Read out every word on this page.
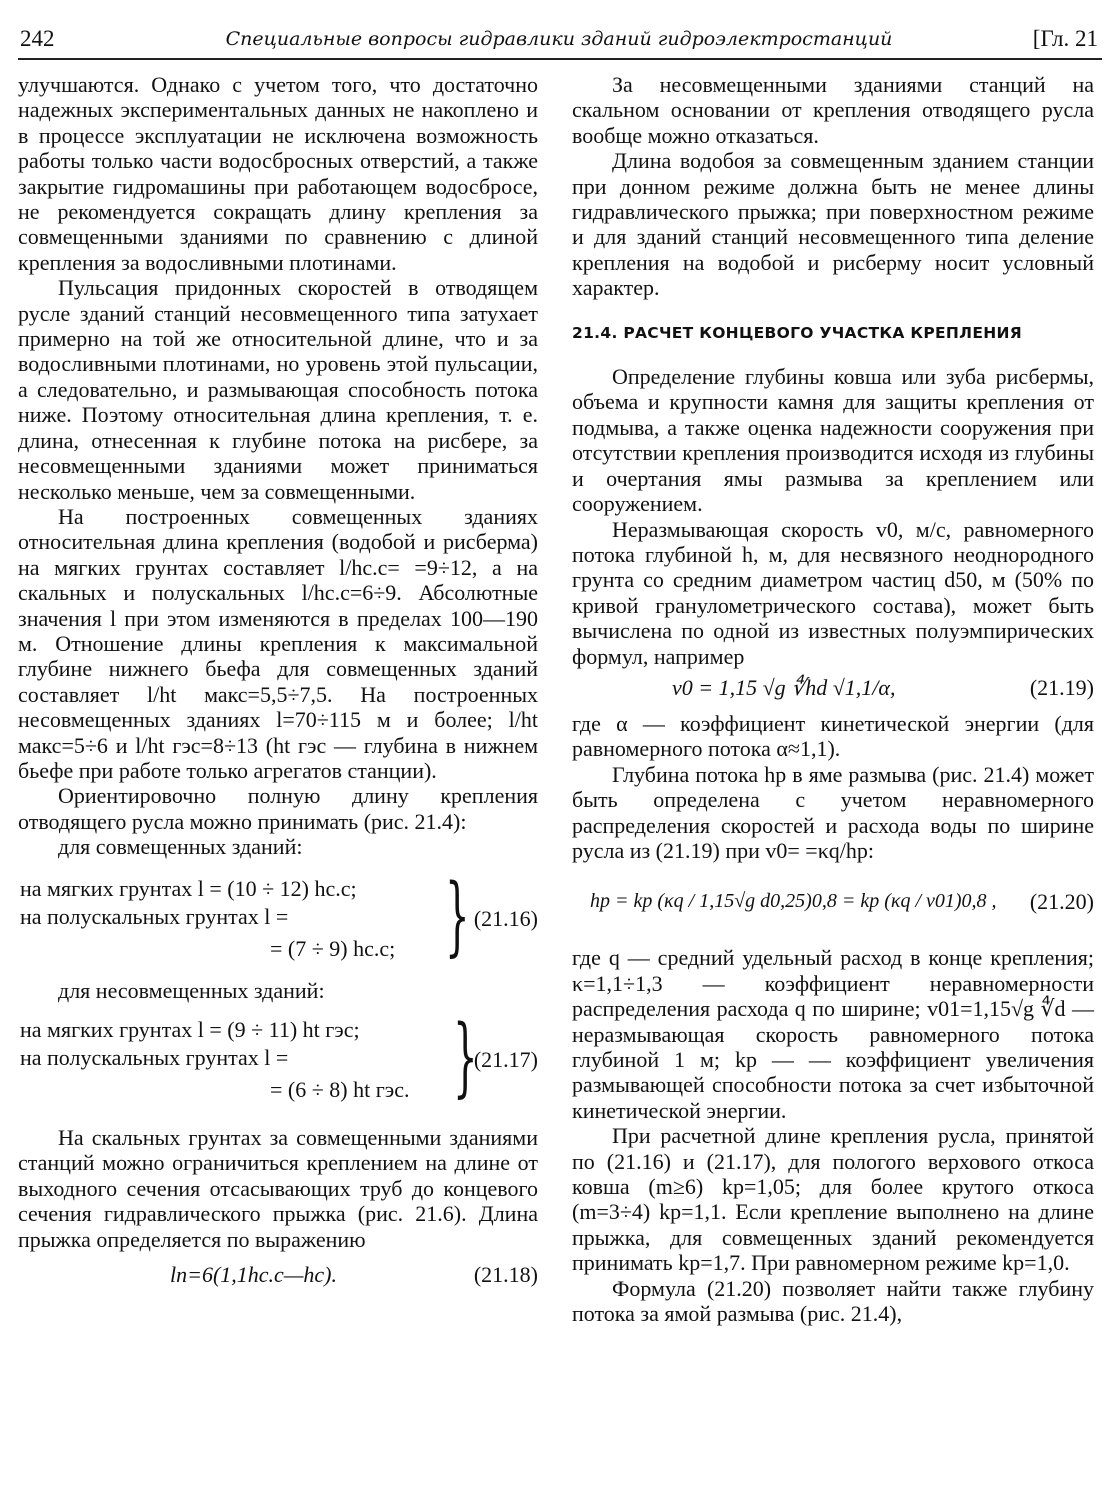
242	Специальные вопросы гидравлики зданий гидроэлектростанций	[Гл. 21

улучшаются. Однако с учетом того, что достаточно надежных экспериментальных данных не накоплено и в процессе эксплуатации не исключена возможность работы только части водосбросных отверстий, а также закрытие гидромашины при работающем водосбросе, не рекомендуется сокращать длину крепления за совмещенными зданиями по сравнению с длиной крепления за водосливными плотинами.

Пульсация придонных скоростей в отводящем русле зданий станций несовмещенного типа затухает примерно на той же относительной длине, что и за водосливными плотинами, но уровень этой пульсации, а следовательно, и размывающая способность потока ниже. Поэтому относительная длина крепления, т. е. длина, отнесенная к глубине потока на рисбере, за несовмещенными зданиями может приниматься несколько меньше, чем за совмещенными.

На построенных совмещенных зданиях относительная длина крепления (водобой и рисберма) на мягких грунтах составляет l/hc.c= =9÷12, а на скальных и полускальных l/hc.c=6÷9. Абсолютные значения l при этом изменяются в пределах 100—190 м. Отношение длины крепления к максимальной глубине нижнего бьефа для совмещенных зданий составляет l/ht макс=5,5÷7,5. На построенных несовмещенных зданиях l=70÷115 м и более; l/ht макс=5÷6 и l/ht гэс=8÷13 (ht гэс — глубина в нижнем бьефе при работе только агрегатов станции).

Ориентировочно полную длину крепления отводящего русла можно принимать (рис. 21.4):

для совмещенных зданий:

на мягких грунтах l = (10 ÷ 12) hс.с;
на полускальных грунтах l =
= (7 ÷ 9) hс.с; } (21.16)

для несовмещенных зданий:

на мягких грунтах l = (9 ÷ 11) ht гэс;
на полускальных грунтах l =
= (6 ÷ 8) ht гэс. }
(21.17)

На скальных грунтах за совмещенными зданиями станций можно ограничиться креплением на длине от выходного сечения отсасывающих труб до концевого сечения гидравлического прыжка (рис. 21.6). Длина прыжка определяется по выражению

lп=6(1,1hс.с—hс).	(21.18)

За несовмещенными зданиями станций на скальном основании от крепления отводящего русла вообще можно отказаться.

Длина водобоя за совмещенным зданием станции при донном режиме должна быть не менее длины гидравлического прыжка; при поверхностном режиме и для зданий станций несовмещенного типа деление крепления на водобой и рисберму носит условный характер.

21.4. РАСЧЕТ КОНЦЕВОГО УЧАСТКА КРЕПЛЕНИЯ

Определение глубины ковша или зуба рисбермы, объема и крупности камня для защиты крепления от подмыва, а также оценка надежности сооружения при отсутствии крепления производится исходя из глубины и очертания ямы размыва за креплением или сооружением.

Неразмывающая скорость v0, м/с, равномерного потока глубиной h, м, для несвязного неоднородного грунта со средним диаметром частиц d50, м (50% по кривой гранулометрического состава), может быть вычислена по одной из известных полуэмпирических формул, например

v0 = 1,15 √g ∜hd √1,1/α,	(21.19)

где α — коэффициент кинетической энергии (для равномерного потока α≈1,1).

Глубина потока hр в яме размыва (рис. 21.4) может быть определена с учетом неравномерного распределения скоростей и расхода воды по ширине русла из (21.19) при v0= =κq/hр:

hр = kр (κq / 1,15√g d0,25)0,8 = kр (κq / v01)0,8 , (21.20)

где q — средний удельный расход в конце крепления; κ=1,1÷1,3 — коэффициент неравномерности распределения расхода q по ширине; v01=1,15√g ∜d — неразмывающая скорость равномерного потока глубиной 1 м; kр — — коэффициент увеличения размывающей способности потока за счет избыточной кинетической энергии.

При расчетной длине крепления русла, принятой по (21.16) и (21.17), для пологого верхового откоса ковша (m≥6) kр=1,05; для более крутого откоса (m=3÷4) kр=1,1. Если крепление выполнено на длине прыжка, для совмещенных зданий рекомендуется принимать kр=1,7. При равномерном режиме kр=1,0.

Формула (21.20) позволяет найти также глубину потока за ямой размыва (рис. 21.4),
